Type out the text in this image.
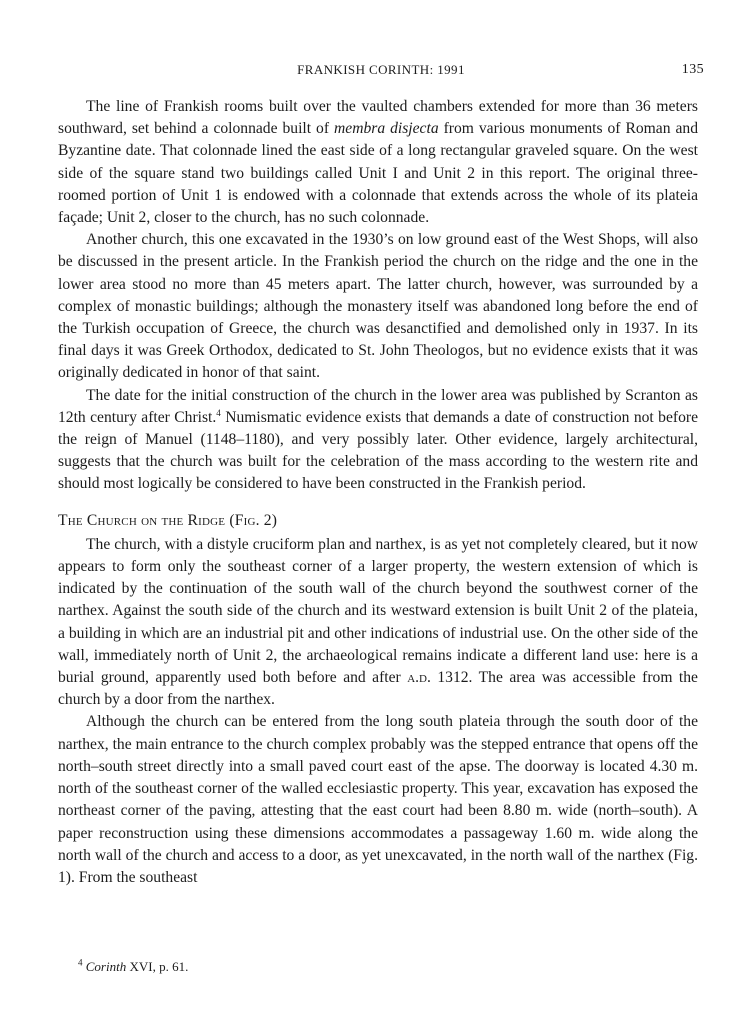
FRANKISH CORINTH: 1991	135

The line of Frankish rooms built over the vaulted chambers extended for more than 36 meters southward, set behind a colonnade built of membra disjecta from various monuments of Roman and Byzantine date. That colonnade lined the east side of a long rectangular graveled square. On the west side of the square stand two buildings called Unit I and Unit 2 in this report. The original three-roomed portion of Unit 1 is endowed with a colonnade that extends across the whole of its plateia façade; Unit 2, closer to the church, has no such colonnade.

Another church, this one excavated in the 1930’s on low ground east of the West Shops, will also be discussed in the present article. In the Frankish period the church on the ridge and the one in the lower area stood no more than 45 meters apart. The latter church, however, was surrounded by a complex of monastic buildings; although the monastery itself was abandoned long before the end of the Turkish occupation of Greece, the church was desanctified and demolished only in 1937. In its final days it was Greek Orthodox, dedicated to St. John Theologos, but no evidence exists that it was originally dedicated in honor of that saint.

The date for the initial construction of the church in the lower area was published by Scranton as 12th century after Christ.$^4$ Numismatic evidence exists that demands a date of construction not before the reign of Manuel (1148–1180), and very possibly later. Other evidence, largely architectural, suggests that the church was built for the celebration of the mass according to the western rite and should most logically be considered to have been constructed in the Frankish period.

The Church on the Ridge (Fig. 2)

The church, with a distyle cruciform plan and narthex, is as yet not completely cleared, but it now appears to form only the southeast corner of a larger property, the western extension of which is indicated by the continuation of the south wall of the church beyond the southwest corner of the narthex. Against the south side of the church and its westward extension is built Unit 2 of the plateia, a building in which are an industrial pit and other indications of industrial use. On the other side of the wall, immediately north of Unit 2, the archaeological remains indicate a different land use: here is a burial ground, apparently used both before and after a.d. 1312. The area was accessible from the church by a door from the narthex.

Although the church can be entered from the long south plateia through the south door of the narthex, the main entrance to the church complex probably was the stepped entrance that opens off the north–south street directly into a small paved court east of the apse. The doorway is located 4.30 m. north of the southeast corner of the walled ecclesiastic property. This year, excavation has exposed the northeast corner of the paving, attesting that the east court had been 8.80 m. wide (north–south). A paper reconstruction using these dimensions accommodates a passageway 1.60 m. wide along the north wall of the church and access to a door, as yet unexcavated, in the north wall of the narthex (Fig. 1). From the southeast

$^4$ Corinth XVI, p. 61.
